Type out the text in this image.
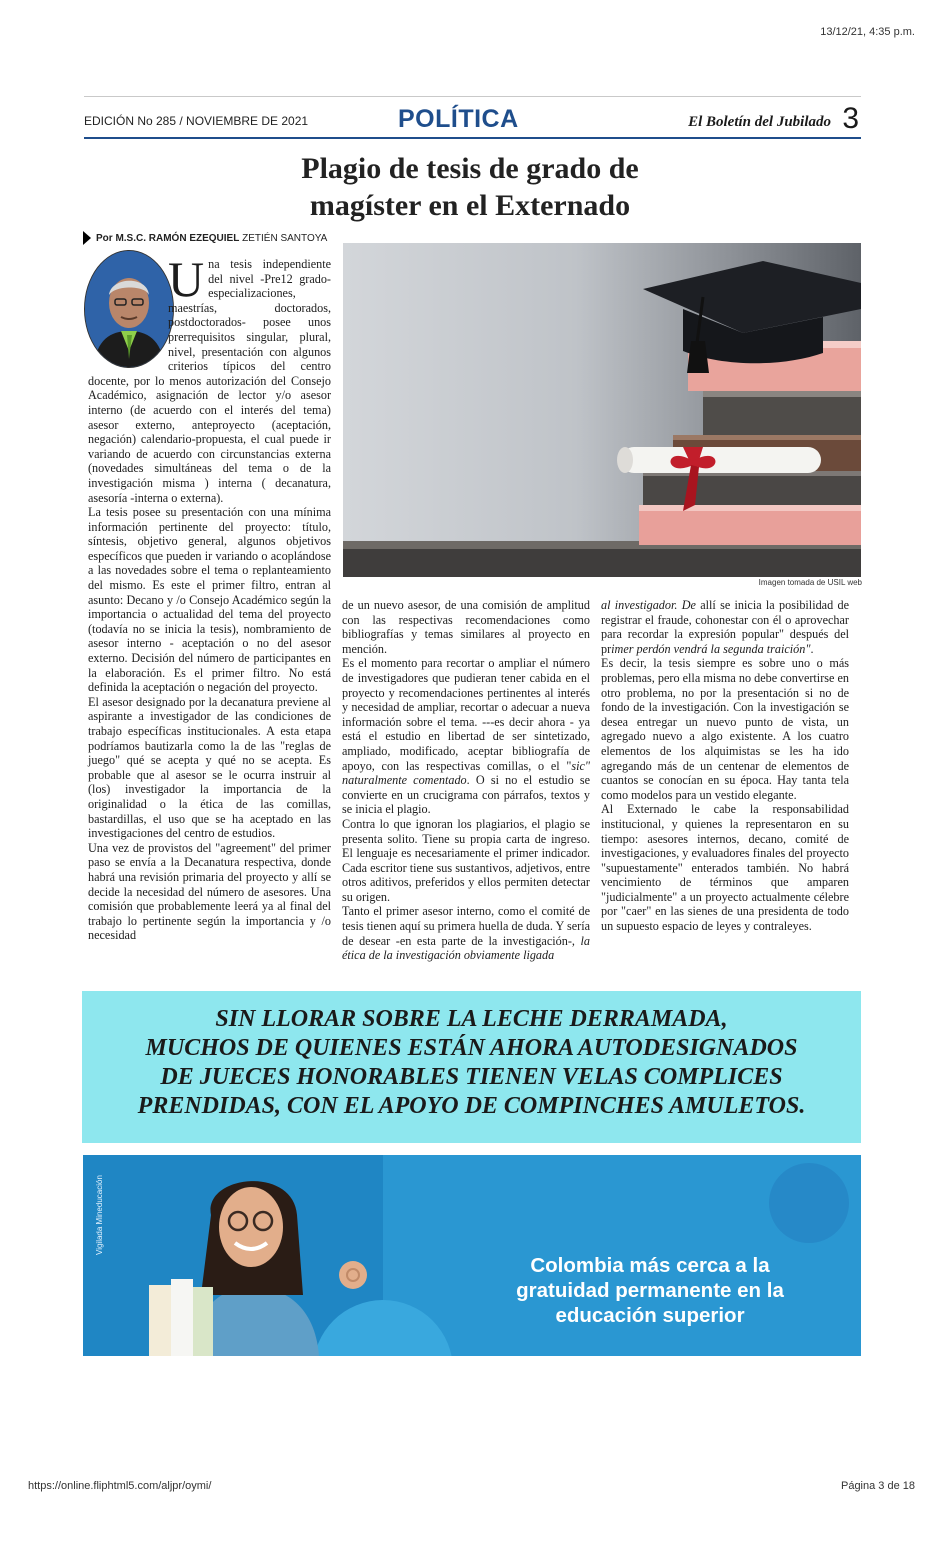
13/12/21, 4:35 p.m.
EDICIÓN No 285 / NOVIEMBRE DE 2021	POLÍTICA	El Boletín del Jubilado 3
Plagio de tesis de grado de
magíster en el Externado
Por M.S.C. RAMÓN EZEQUIEL ZETIÉN SANTOYA
U na tesis independiente del nivel -Pre12 grado- especializaciones, maestrías, doctorados, postdoctorados- posee unos prerrequisitos singular, plural, nivel, presentación con algunos criterios típicos del centro docente, por lo menos autorización del Consejo Académico, asignación de lector y/o asesor interno (de acuerdo con el interés del tema) asesor externo, anteproyecto (aceptación, negación) calendario-propuesta, el cual puede ir variando de acuerdo con circunstancias externa (novedades simultáneas del tema o de la investigación misma ) interna ( decanatura, asesoría -interna o externa).

La tesis posee su presentación con una mínima información pertinente del proyecto: título, síntesis, objetivo general, algunos objetivos específicos que pueden ir variando o acoplándose a las novedades sobre el tema o replanteamiento del mismo. Es este el primer filtro, entran al asunto: Decano y /o Consejo Académico según la importancia o actualidad del tema del proyecto (todavía no se inicia la tesis), nombramiento de asesor interno - aceptación o no del asesor externo. Decisión del número de participantes en la elaboración. Es el primer filtro. No está definida la aceptación o negación del proyecto.

El asesor designado por la decanatura previene al aspirante a investigador de las condiciones de trabajo específicas institucionales. A esta etapa podríamos bautizarla como la de las "reglas de juego" qué se acepta y qué no se acepta. Es probable que al asesor se le ocurra instruir al (los) investigador la importancia de la originalidad o la ética de las comillas, bastardillas, el uso que se ha aceptado en las investigaciones del centro de estudios.

Una vez de provistos del "agreement" del primer paso se envía a la Decanatura respectiva, donde habrá una revisión primaria del proyecto y allí se decide la necesidad del número de asesores. Una comisión que probablemente leerá ya al final del trabajo lo pertinente según la importancia y /o necesidad

Imagen tomada de USIL web

de un nuevo asesor, de una comisión de amplitud con las respectivas recomendaciones como bibliografías y temas similares al proyecto en mención.

Es el momento para recortar o ampliar el número de investigadores que pudieran tener cabida en el proyecto y recomendaciones pertinentes al interés y necesidad de ampliar, recortar o adecuar a nueva información sobre el tema. ---es decir ahora - ya está el estudio en libertad de ser sintetizado, ampliado, modificado, aceptar bibliografía de apoyo, con las respectivas comillas, o el "sic" naturalmente comentado. O si no el estudio se convierte en un crucigrama con párrafos, textos y se inicia el plagio.

Contra lo que ignoran los plagiarios, el plagio se presenta solito. Tiene su propia carta de ingreso. El lenguaje es necesariamente el primer indicador. Cada escritor tiene sus sustantivos, adjetivos, entre otros aditivos, preferidos y ellos permiten detectar su origen.

Tanto el primer asesor interno, como el comité de tesis tienen aquí su primera huella de duda. Y sería de desear -en esta parte de la investigación-, la ética de la investigación obviamente ligada

al investigador. De allí se inicia la posibilidad de registrar el fraude, cohonestar con él o aprovechar para recordar la expresión popular" después del primer perdón vendrá la segunda traición".

Es decir, la tesis siempre es sobre uno o más problemas, pero ella misma no debe convertirse en otro problema, no por la presentación si no de fondo de la investigación. Con la investigación se desea entregar un nuevo punto de vista, un agregado nuevo a algo existente. A los cuatro elementos de los alquimistas se les ha ido agregando más de un centenar de elementos de cuantos se conocían en su época. Hay tanta tela como modelos para un vestido elegante.

Al Externado le cabe la responsabilidad institucional, y quienes la representaron en su tiempo: asesores internos, decano, comité de investigaciones, y evaluadores finales del proyecto "supuestamente" enterados también. No habrá vencimiento de términos que amparen "judicialmente" a un proyecto actualmente célebre por "caer" en las sienes de una presidenta de todo un supuesto espacio de leyes y contraleyes.

SIN LLORAR SOBRE LA LECHE DERRAMADA,
MUCHOS DE QUIENES ESTÁN AHORA AUTODESIGNADOS
DE JUECES HONORABLES TIENEN VELAS COMPLICES
PRENDIDAS, CON EL APOYO DE COMPINCHES AMULETOS.
Vigilada Mineducación
Colombia más cerca a la
gratuidad permanente en la
educación superior
https://online.fliphtml5.com/aljpr/oymi/	Página 3 de 18
